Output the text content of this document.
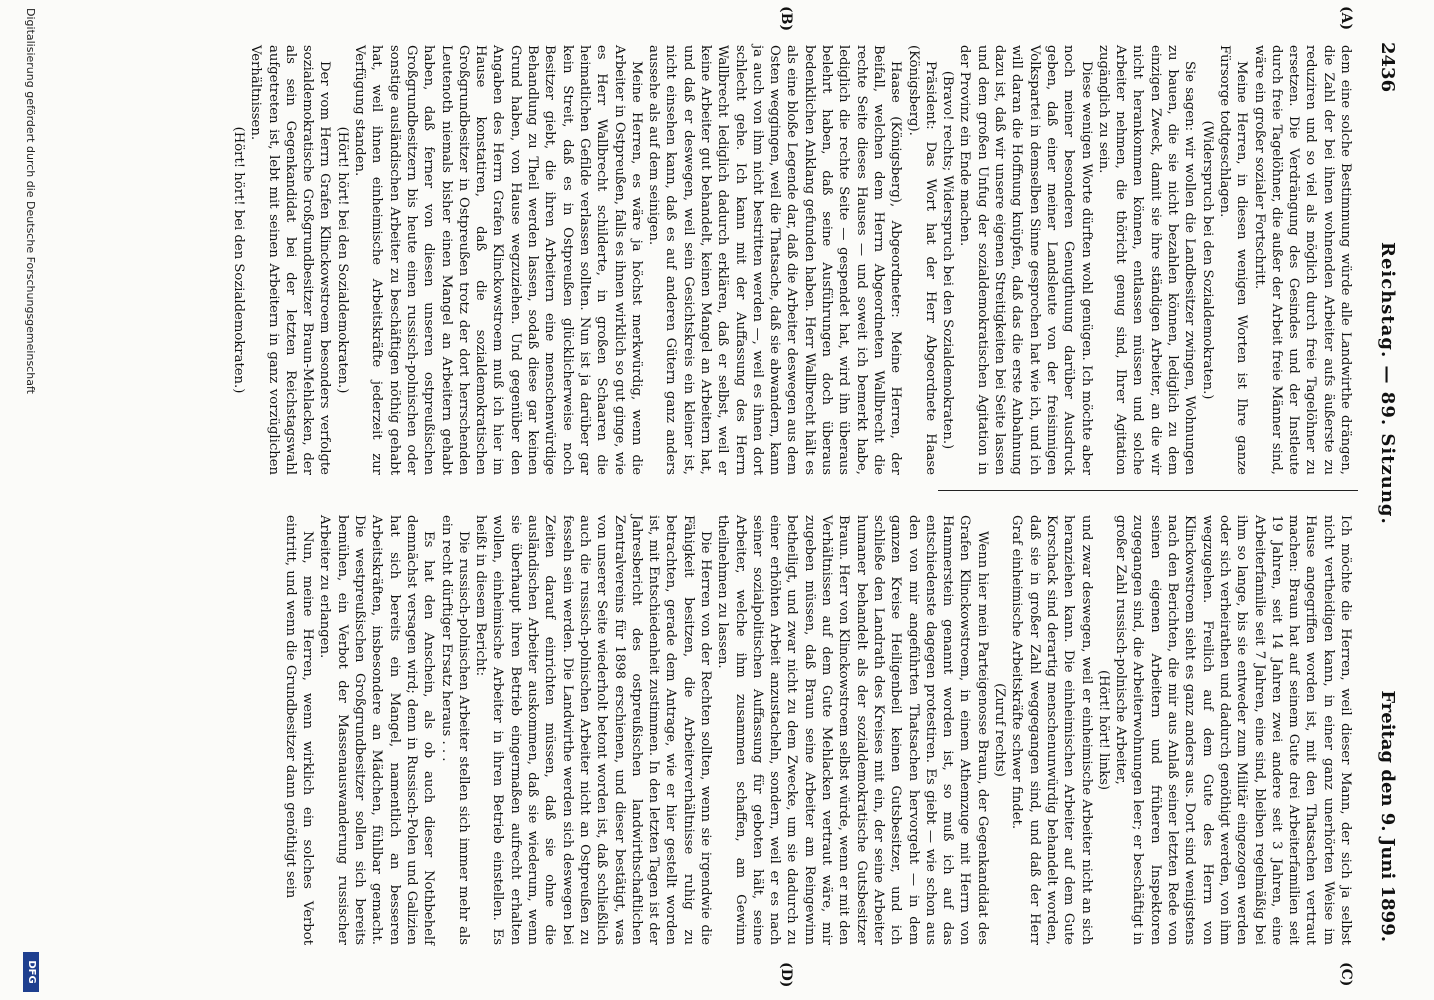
2436
Reichstag. — 89. Sitzung.
Freitag den 9. Juni 1899.
(A)
(B)
(C)
(D)

dem eine solche Bestimmung würde alle Landwirthe drängen, die Zahl der bei ihnen wohnenden Arbeiter aufs äußerste zu reduziren und so viel als möglich durch freie Tagelöhner zu ersetzen. Die Verdrängung des Gesindes und der Instleute durch freie Tagelöhner, die außer der Arbeit freie Männer sind, wäre ein großer sozialer Fortschritt.

Meine Herren, in diesen wenigen Worten ist Ihre ganze Fürsorge todtgeschlagen.

(Widerspruch bei den Sozialdemokraten.)

Sie sagen: wir wollen die Landbesitzer zwingen, Wohnungen zu bauen, die sie nicht bezahlen können, lediglich zu dem einzigen Zweck, damit sie ihre ständigen Arbeiter, an die wir nicht herankommen können, entlassen müssen und solche Arbeiter nehmen, die thöricht genug sind, Ihrer Agitation zugänglich zu sein.

Diese wenigen Worte dürften wohl genügen. Ich möchte aber noch meiner besonderen Genugthuung darüber Ausdruck geben, daß einer meiner Landsleute von der freisinnigen Volkspartei in demselben Sinne gesprochen hat wie ich, und ich will daran die Hoffnung knüpfen, daß das die erste Anbahnung dazu ist, daß wir unsere eigenen Streitigkeiten bei Seite lassen und dem großen Unfug der sozialdemokratischen Agitation in der Provinz ein Ende machen.

(Bravo! rechts; Widerspruch bei den Sozialdemokraten.)

Präsident: Das Wort hat der Herr Abgeordnete Haase (Königsberg).

Haase (Königsberg), Abgeordneter: Meine Herren, der Beifall, welchen dem Herrn Abgeordneten Wallbrecht die rechte Seite dieses Hauses — und soweit ich bemerkt habe, lediglich die rechte Seite — gespendet hat, wird ihn überaus belehrt haben, daß seine Ausführungen doch überaus bedenklichen Anklang gefunden haben. Herr Wallbrecht hält es als eine bloße Legende dar, daß die Arbeiter deswegen aus dem Osten weggingen, weil die Thatsache, daß sie abwandern, kann ja auch von ihm nicht bestritten werden —, weil es ihnen dort schlecht gehe. Ich kann mit der Auffassung des Herrn Wallbrecht lediglich dadurch erklären, daß er selbst, weil er keine Arbeiter gut behandelt, keinen Mangel an Arbeitern hat, und daß er deswegen, weil sein Gesichtskreis ein kleiner ist, nicht einsehen kann, daß es auf anderen Gütern ganz anders aussehe als auf dem seinigen.

Meine Herren, es wäre ja höchst merkwürdig, wenn die Arbeiter in Ostpreußen, falls es ihnen wirklich so gut ginge, wie es Herr Wallbrecht schilderte, in großen Schaaren die heimatlichen Gefilde verlassen sollten. Nun ist ja darüber gar kein Streit, daß es in Ostpreußen glücklicherweise noch Besitzer giebt, die ihren Arbeitern eine menschenwürdige Behandlung zu Theil werden lassen, sodaß diese gar keinen Grund haben, von Hause wegzuziehen. Und gegenüber den Angaben des Herrn Grafen Klinckowstroem muß ich hier im Hause konstatiren, daß die sozialdemokratischen Großgrundbesitzer in Ostpreußen trotz der dort herrschenden Leutenoth niemals bisher einen Mangel an Arbeitern gehabt haben, daß ferner von diesen unseren ostpreußischen Großgrundbesitzern bis heute einen russisch-polnischen oder sonstige ausländischen Arbeiter zu beschäftigen nöthig gehabt hat, weil ihnen einheimische Arbeitskräfte jederzeit zur Verfügung standen.

(Hört! hört! bei den Sozialdemokraten.)

Der vom Herrn Grafen Klinckowstroem besonders verfolgte sozialdemokratische Großgrundbesitzer Braun-Mehlacken, der als sein Gegenkandidat bei der letzten Reichstagswahl aufgetreten ist, lebt mit seinen Arbeitern in ganz vorzüglichen Verhältnissen.

(Hört! hört! bei den Sozialdemokraten.)

Ich möchte die Herren, weil dieser Mann, der sich ja selbst nicht vertheidigen kann, in einer ganz unerhörten Weise im Hause angegriffen worden ist, mit den Thatsachen vertraut machen: Braun hat auf seinem Gute drei Arbeiterfamilien seit 19 Jahren, seit 14 Jahren zwei andere seit 3 Jahren, eine Arbeiterfamilie seit 7 Jahren, eine sind, bleiben regelmäßig bei ihm so lange, bis sie entweder zum Militär eingezogen werden oder sich verheirathen und dadurch genöthigt werden, von ihm wegzugehen. Freilich auf dem Gute des Herrn von Klinckowstroem sieht es ganz anders aus. Dort sind wenigstens nach den Berichten, die mir aus Anlaß seiner letzten Rede von seinen eigenen Arbeitern und früheren Inspektoren zugegangen sind, die Arbeiterwohnungen leer; er beschäftigt in großer Zahl russisch-polnische Arbeiter,

(Hört! hört! links)

und zwar deswegen, weil er einheimische Arbeiter nicht an sich heranziehen kann. Die einheimischen Arbeiter auf dem Gute Korschack sind derartig menschenunwürdig behandelt worden, daß sie in großer Zahl weggegangen sind, und daß der Herr Graf einheimische Arbeitskräfte schwer findet.

(Zuruf rechts)

Wenn hier mein Parteigenosse Braun, der Gegenkandidat des Grafen Klinckowstroem, in einem Athemzuge mit Herrn von Hammerstein genannt worden ist, so muß ich auf das entschiedenste dagegen protestiren. Es giebt — wie schon aus den von mir angeführten Thatsachen hervorgeht — in dem ganzen Kreise Heiligenbeil keinen Gutsbesitzer, und ich schließe den Landrath des Kreises mit ein, der seine Arbeiter humaner behandelt als der sozialdemokratische Gutsbesitzer Braun. Herr von Klinckowstroem selbst würde, wenn er mit den Verhältnissen auf dem Gute Mehlacken vertraut wäre, mir zugeben müssen, daß Braun seine Arbeiter am Reingewinn betheiligt, und zwar nicht zu dem Zwecke, um sie dadurch zu einer erhöhten Arbeit anzustacheln, sondern, weil er es nach seiner sozialpolitischen Auffassung für geboten hält, seine Arbeiter, welche ihm zusammen schaffen, am Gewinn theilnehmen zu lassen.

Die Herren von der Rechten sollten, wenn sie irgendwie die Fähigkeit besitzen, die Arbeiterverhältnisse ruhig zu betrachten, gerade dem Antrage, wie er hier gestellt worden ist, mit Entschiedenheit zustimmen. In den letzten Tagen ist der Jahresbericht des ostpreußischen landwirthschaftlichen Zentralvereins für 1898 erschienen, und dieser bestätigt, was von unserer Seite wiederholt betont worden ist, daß schließlich auch die russisch-polnischen Arbeiter nicht an Ostpreußen zu fesseln sein werden. Die Landwirthe werden sich deswegen bei Zeiten darauf einrichten müssen, daß sie ohne die ausländischen Arbeiter auskommen, daß sie wiederum, wenn sie überhaupt ihren Betrieb eingermaßen aufrecht erhalten wollen, einheimische Arbeiter in ihren Betrieb einstellen. Es heißt in diesem Bericht:

Die russisch-polnischen Arbeiter stellen sich immer mehr als ein recht dürftiger Ersatz heraus . . .

Es hat den Anschein, als ob auch dieser Nothbehelf demnächst versagen wird; denn in Russisch-Polen und Galizien hat sich bereits ein Mangel, namentlich an besseren Arbeitskräften, insbesondere an Mädchen, fühlbar gemacht. Die westpreußischen Großgrundbesitzer sollen sich bereits bemühen, ein Verbot der Massenauswanderung russischer Arbeiter zu erlangen.

Nun, meine Herren, wenn wirklich ein solches Verbot eintritt, und wenn die Grundbesitzer dann genöthigt sein

Digitalisierung gefördert durch die Deutsche Forschungsgemeinschaft
DFG
